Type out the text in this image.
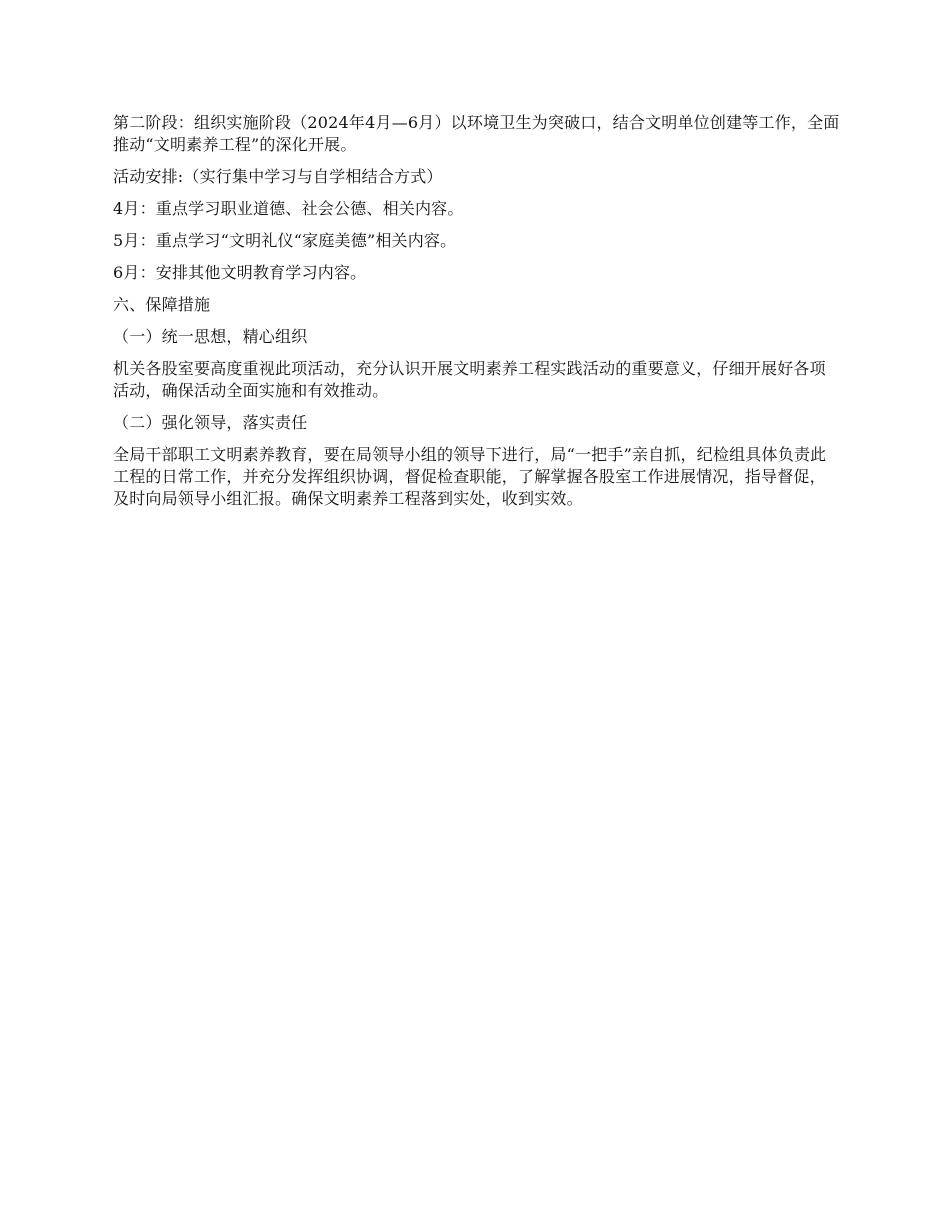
第二阶段：组织实施阶段（2024年4月—6月）以环境卫生为突破口，结合文明单位创建等工作，全面推动“文明素养工程”的深化开展。

活动安排:（实行集中学习与自学相结合方式）

4月：重点学习职业道德、社会公德、相关内容。

5月：重点学习“文明礼仪“家庭美德”相关内容。

6月：安排其他文明教育学习内容。

六、保障措施

（一）统一思想，精心组织

机关各股室要高度重视此项活动，充分认识开展文明素养工程实践活动的重要意义，仔细开展好各项活动，确保活动全面实施和有效推动。

（二）强化领导，落实责任

全局干部职工文明素养教育，要在局领导小组的领导下进行，局“一把手”亲自抓，纪检组具体负责此工程的日常工作，并充分发挥组织协调，督促检查职能，了解掌握各股室工作进展情况，指导督促，及时向局领导小组汇报。确保文明素养工程落到实处，收到实效。
